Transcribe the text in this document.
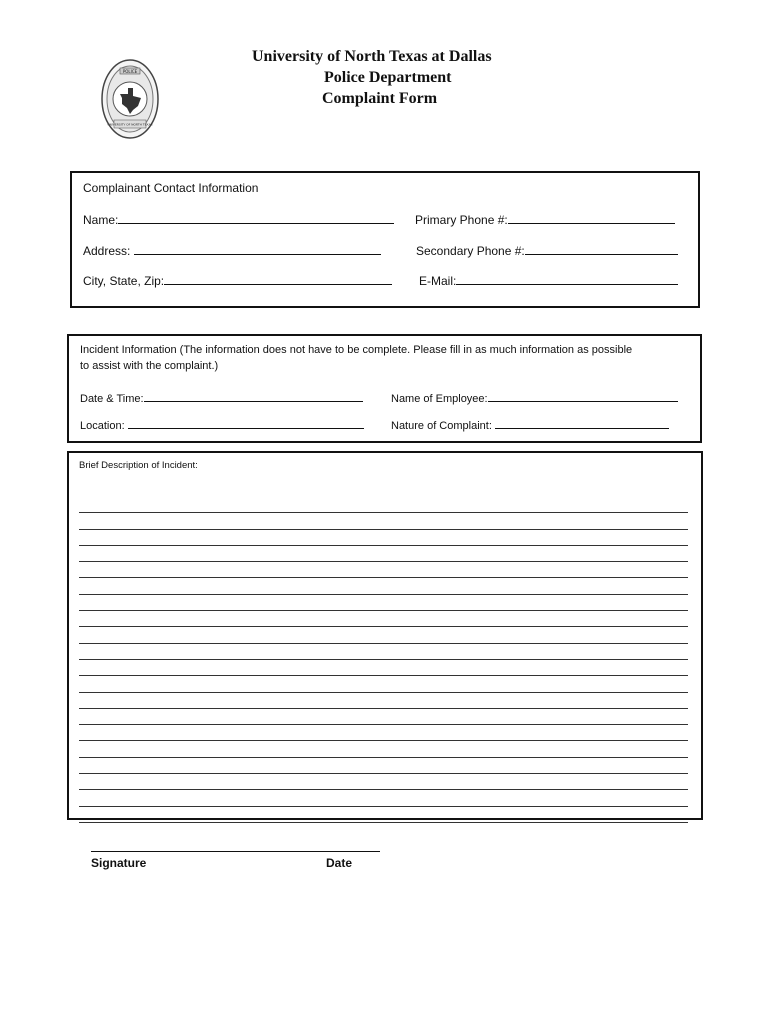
POLICE
UNIVERSITY OF NORTH TEXAS
University of North Texas at Dallas
Police Department
Complaint Form
Complainant Contact Information
Name:	Primary Phone #:
Address:	Secondary Phone #:
City, State, Zip:	E-Mail:
Incident Information (The information does not have to be complete. Please fill in as much information as possible
to assist with the complaint.)
Date & Time:	Name of Employee:
Location:	Nature of Complaint:
Brief Description of Incident:
Signature	Date
